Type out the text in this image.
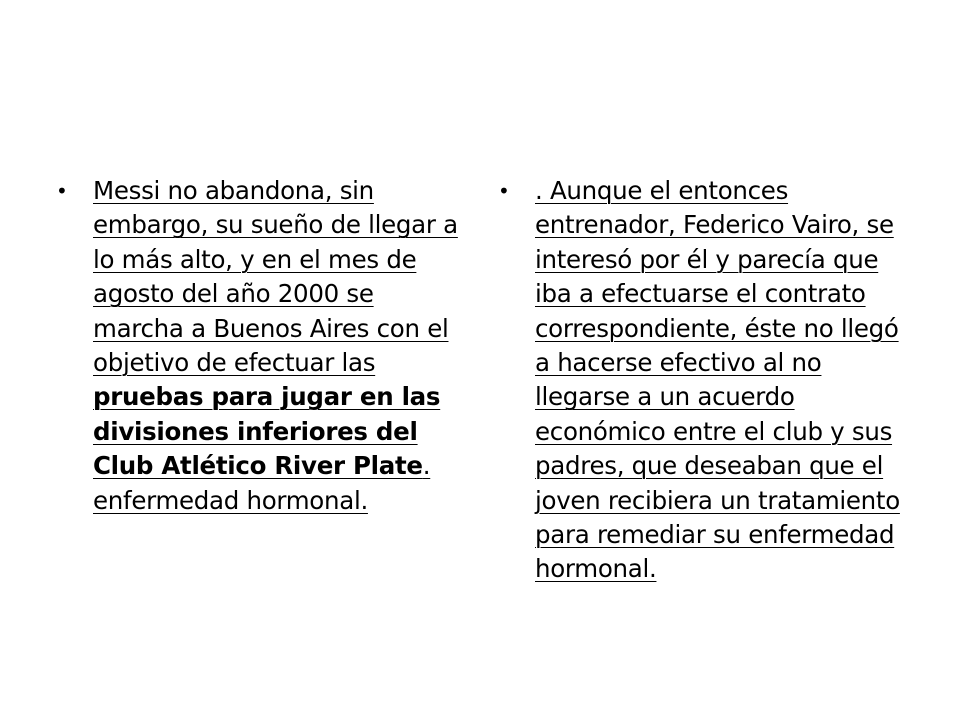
•	Messi no abandona, sin embargo, su sueño de llegar a lo más alto, y en el mes de agosto del año 2000 se marcha a Buenos Aires con el objetivo de efectuar las pruebas para jugar en las divisiones inferiores del Club Atlético River Plate. enfermedad hormonal.
•	. Aunque el entonces entrenador, Federico Vairo, se interesó por él y parecía que iba a efectuarse el contrato correspondiente, éste no llegó a hacerse efectivo al no llegarse a un acuerdo económico entre el club y sus padres, que deseaban que el joven recibiera un tratamiento para remediar su enfermedad hormonal.
